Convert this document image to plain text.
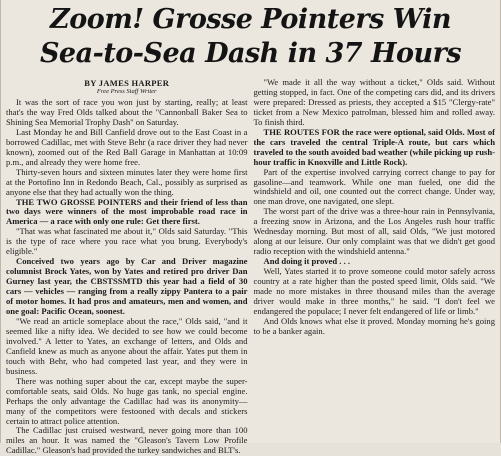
Zoom! Grosse Pointers Win
Sea-to-Sea Dash in 37 Hours
BY JAMES HARPER
Free Press Staff Writer

It was the sort of race you won just by starting, really; at least that's the way Fred Olds talked about the "Cannonball Baker Sea to Shining Sea Memorial Trophy Dash" on Saturday.

Last Monday he and Bill Canfield drove out to the East Coast in a borrowed Cadillac, met with Steve Behr (a race driver they had never known), zoomed out of the Red Ball Garage in Manhattan at 10:09 p.m., and already they were home free.

Thirty-seven hours and sixteen minutes later they were home first at the Portofino Inn in Redondo Beach, Cal., possibly as surprised as anyone else that they had actually won the thing.

THE TWO GROSSE POINTERS and their friend of less than two days were winners of the most improbable road race in America — a race with only one rule: Get there first.

"That was what fascinated me about it," Olds said Saturday. "This is the type of race where you race what you brung. Everybody's eligible."

Conceived two years ago by Car and Driver magazine columnist Brock Yates, won by Yates and retired pro driver Dan Gurney last year, the CBSTSSMTD this year had a field of 30 cars — vehicles — ranging from a really zippy Pantera to a pair of motor homes. It had pros and amateurs, men and women, and one goal: Pacific Ocean, soonest.

"We read an article someplace about the race," Olds said, "and it seemed like a nifty idea. We decided to see how we could become involved." A letter to Yates, an exchange of letters, and Olds and Canfield knew as much as anyone about the affair. Yates put them in touch with Behr, who had competed last year, and they were in business.

There was nothing super about the car, except maybe the super-comfortable seats, said Olds. No huge gas tank, no special engine. Perhaps the only advantage the Cadillac had was its anonymity—many of the competitors were festooned with decals and stickers certain to attract police attention.

The Cadillac just cruised westward, never going more than 100 miles an hour. It was named the "Gleason's Tavern Low Profile Cadillac." Gleason's had provided the turkey sandwiches and BLT's.

"We made it all the way without a ticket," Olds said. Without getting stopped, in fact. One of the competing cars did, and its drivers were prepared: Dressed as priests, they accepted a $15 "Clergy-rate" ticket from a New Mexico patrolman, blessed him and rolled away. To finish third.

THE ROUTES FOR the race were optional, said Olds. Most of the cars traveled the central Triple-A route, but cars which traveled to the south avoided bad weather (while picking up rush-hour traffic in Knoxville and Little Rock).

Part of the expertise involved carrying correct change to pay for gasoline—and teamwork. While one man fueled, one did the windshield and oil, one counted out the correct change. Under way, one man drove, one navigated, one slept.

The worst part of the drive was a three-hour rain in Pennsylvania, a freezing snow in Arizona, and the Los Angeles rush hour traffic Wednesday morning. But most of all, said Olds, "We just motored along at our leisure. Our only complaint was that we didn't get good radio reception with the windshield antenna."

And doing it proved . . .

Well, Yates started it to prove someone could motor safely across country at a rate higher than the posted speed limit, Olds said. "We made no more mistakes in three thousand miles than the average driver would make in three months," he said. "I don't feel we endangered the populace; I never felt endangered of life or limb."

And Olds knows what else it proved. Monday morning he's going to be a banker again.
